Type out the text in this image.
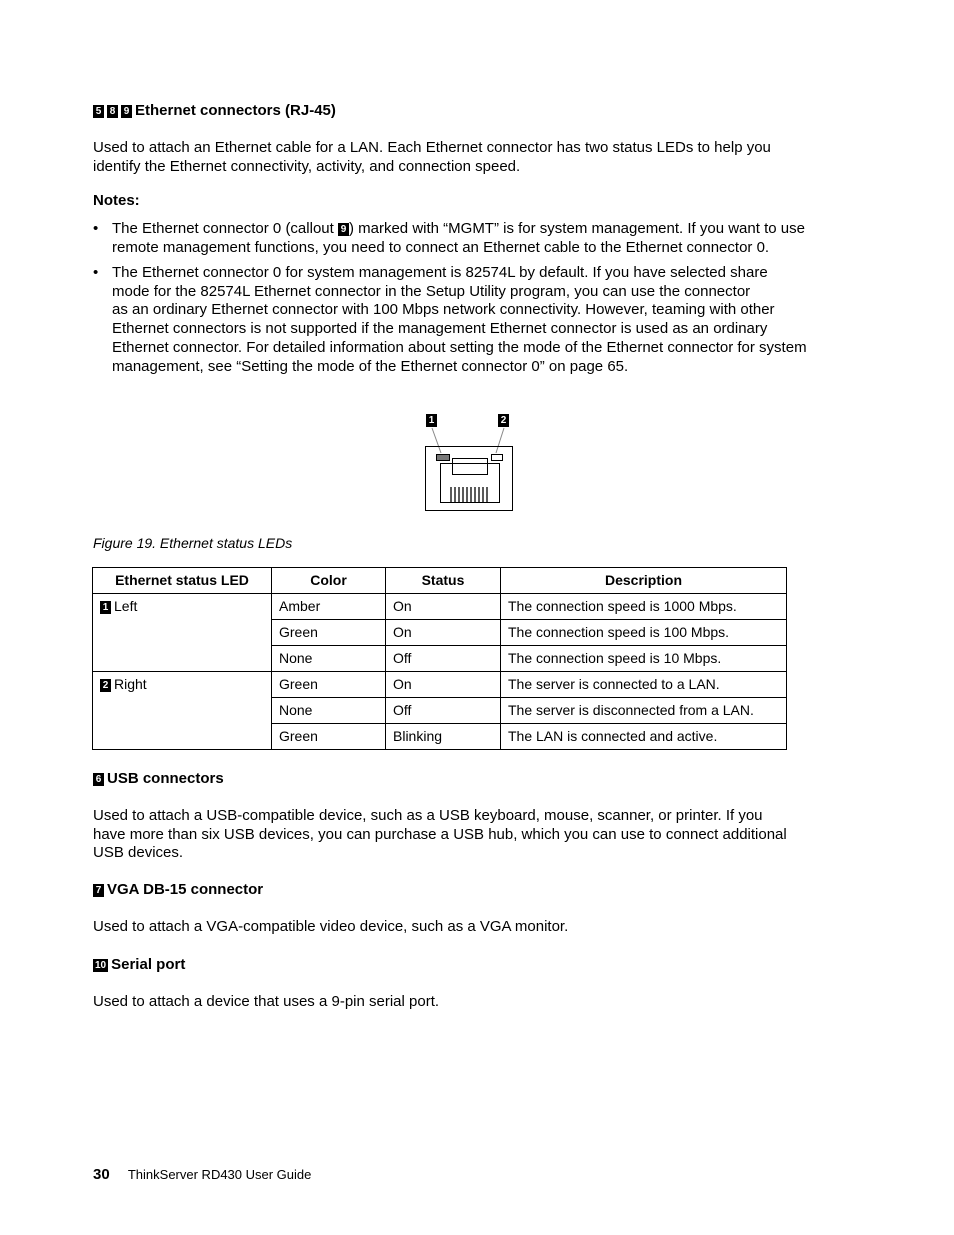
5 8 9 Ethernet connectors (RJ-45)
Used to attach an Ethernet cable for a LAN. Each Ethernet connector has two status LEDs to help you
identify the Ethernet connectivity, activity, and connection speed.
Notes:
• The Ethernet connector 0 (callout 9 ) marked with “MGMT” is for system management. If you want to use
remote management functions, you need to connect an Ethernet cable to the Ethernet connector 0.
• The Ethernet connector 0 for system management is 82574L by default. If you have selected share
mode for the 82574L Ethernet connector in the Setup Utility program, you can use the connector
as an ordinary Ethernet connector with 100 Mbps network connectivity. However, teaming with other
Ethernet connectors is not supported if the management Ethernet connector is used as an ordinary
Ethernet connector. For detailed information about setting the mode of the Ethernet connector for system
management, see “Setting the mode of the Ethernet connector 0” on page 65.
1	2
Figure 19. Ethernet status LEDs
Ethernet status LED	Color	Status	Description
1 Left	Amber	On	The connection speed is 1000 Mbps.
	Green	On	The connection speed is 100 Mbps.
	None	Off	The connection speed is 10 Mbps.
2 Right	Green	On	The server is connected to a LAN.
	None	Off	The server is disconnected from a LAN.
	Green	Blinking	The LAN is connected and active.
6 USB connectors
Used to attach a USB-compatible device, such as a USB keyboard, mouse, scanner, or printer. If you
have more than six USB devices, you can purchase a USB hub, which you can use to connect additional
USB devices.
7 VGA DB-15 connector
Used to attach a VGA-compatible video device, such as a VGA monitor.
10 Serial port
Used to attach a device that uses a 9-pin serial port.
30 ThinkServer RD430 User Guide
